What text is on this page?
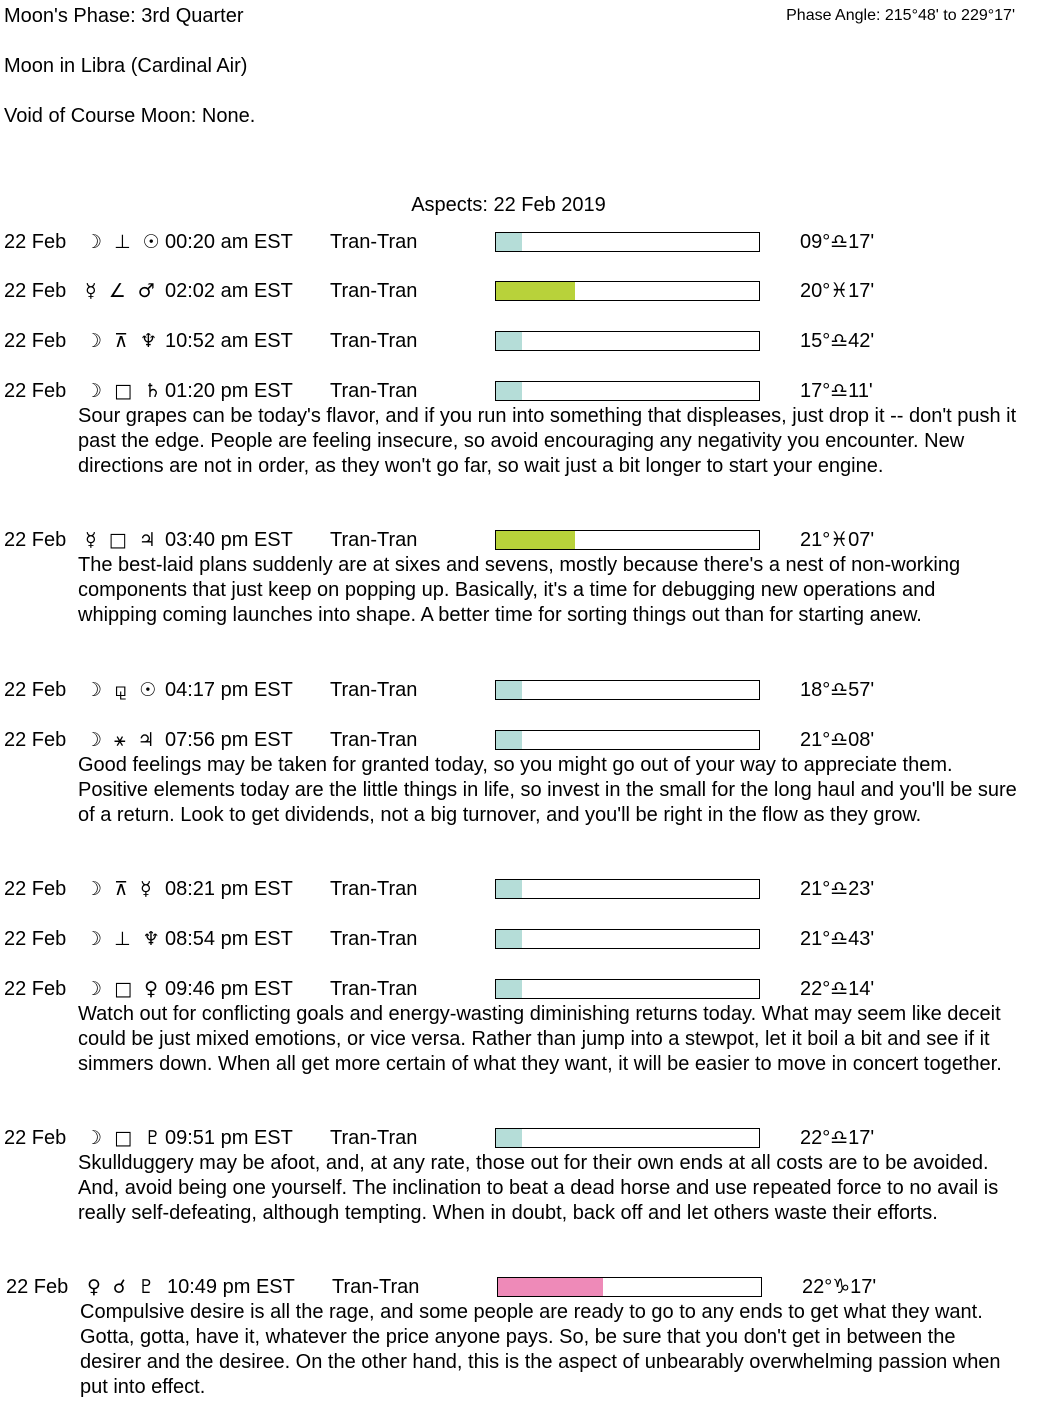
Moon's Phase: 3rd Quarter	Phase Angle: 215°48' to 229°17'
Moon in Libra (Cardinal Air)
Void of Course Moon: None.
Aspects: 22 Feb 2019
22 Feb ☽ ⊥ ☉ 00:20 am EST Tran-Tran	09°♎17'
22 Feb ☿ ∠ ♂ 02:02 am EST Tran-Tran	20°♓17'
22 Feb ☽ ⊼ ♆ 10:52 am EST Tran-Tran	15°♎42'
22 Feb ☽ □ ♄ 01:20 pm EST Tran-Tran	17°♎11'

Sour grapes can be today's flavor, and if you run into something that displeases, just drop it -- don't push it past the edge. People are feeling insecure, so avoid encouraging any negativity you encounter. New directions are not in order, as they won't go far, so wait just a bit longer to start your engine.

22 Feb ☿ □ ♃ 03:40 pm EST Tran-Tran	21°♓07'

The best-laid plans suddenly are at sixes and sevens, mostly because there's a nest of non-working components that just keep on popping up. Basically, it's a time for debugging new operations and whipping coming launches into shape. A better time for sorting things out than for starting anew.

22 Feb ☽ ⚼ ☉ 04:17 pm EST Tran-Tran	18°♎57'
22 Feb ☽ ⚹ ♃ 07:56 pm EST Tran-Tran	21°♎08'

Good feelings may be taken for granted today, so you might go out of your way to appreciate them. Positive elements today are the little things in life, so invest in the small for the long haul and you'll be sure of a return. Look to get dividends, not a big turnover, and you'll be right in the flow as they grow.

22 Feb ☽ ⊼ ☿ 08:21 pm EST Tran-Tran	21°♎23'
22 Feb ☽ ⊥ ♆ 08:54 pm EST Tran-Tran	21°♎43'
22 Feb ☽ □ ♀ 09:46 pm EST Tran-Tran	22°♎14'

Watch out for conflicting goals and energy-wasting diminishing returns today. What may seem like deceit could be just mixed emotions, or vice versa. Rather than jump into a stewpot, let it boil a bit and see if it simmers down. When all get more certain of what they want, it will be easier to move in concert together.

22 Feb ☽ □ ♇ 09:51 pm EST Tran-Tran	22°♎17'

Skullduggery may be afoot, and, at any rate, those out for their own ends at all costs are to be avoided. And, avoid being one yourself. The inclination to beat a dead horse and use repeated force to no avail is really self-defeating, although tempting. When in doubt, back off and let others waste their efforts.

22 Feb ♀ ☌ ♇ 10:49 pm EST Tran-Tran	22°♑17'

Compulsive desire is all the rage, and some people are ready to go to any ends to get what they want. Gotta, gotta, have it, whatever the price anyone pays. So, be sure that you don't get in between the desirer and the desiree. On the other hand, this is the aspect of unbearably overwhelming passion when put into effect.
